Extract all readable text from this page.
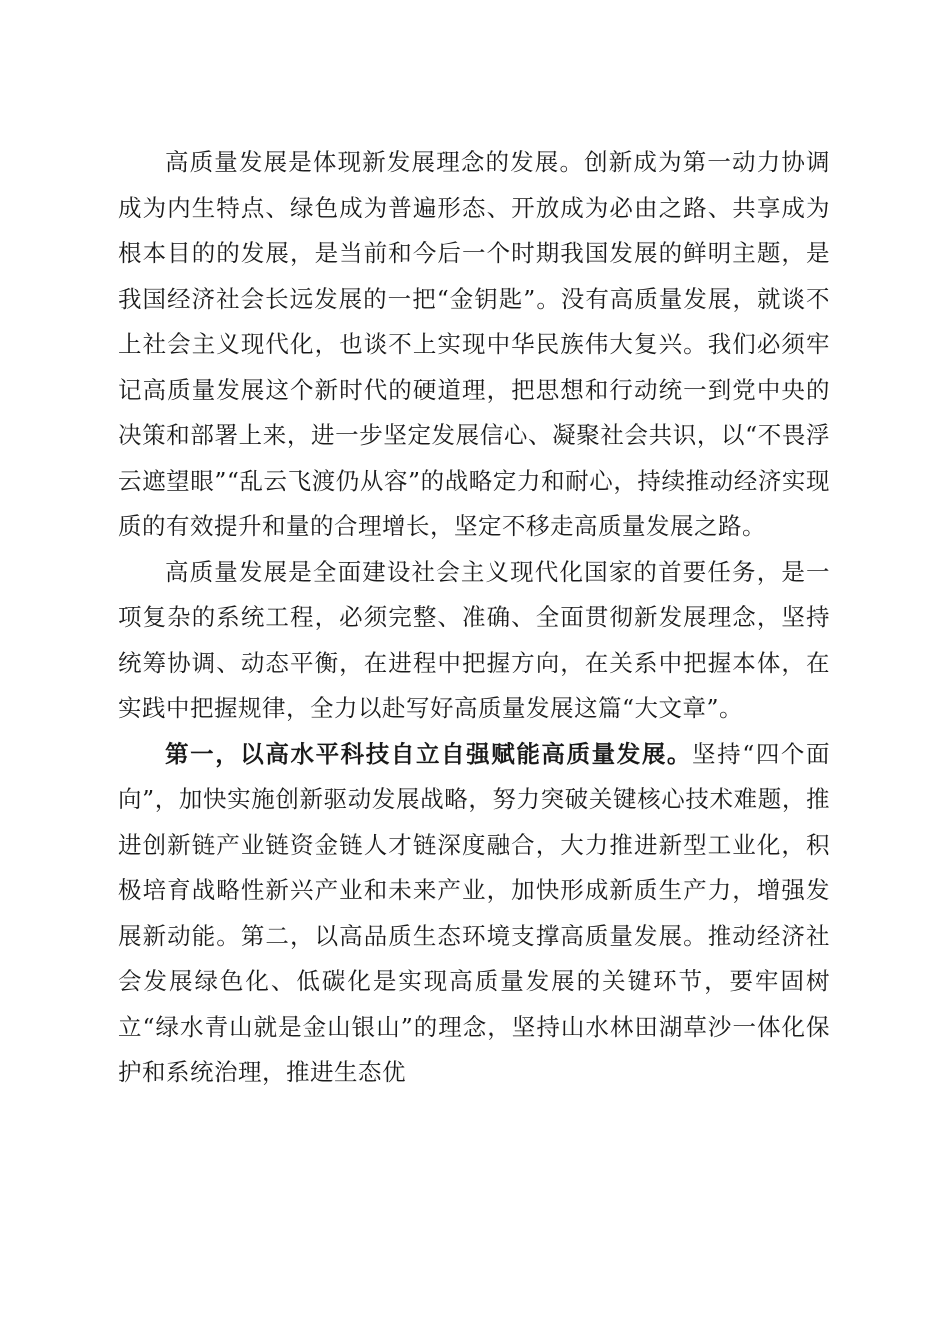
高质量发展是体现新发展理念的发展。创新成为第一动力协调成为内生特点、绿色成为普遍形态、开放成为必由之路、共享成为根本目的的发展，是当前和今后一个时期我国发展的鲜明主题，是我国经济社会长远发展的一把“金钥匙”。没有高质量发展，就谈不上社会主义现代化，也谈不上实现中华民族伟大复兴。我们必须牢记高质量发展这个新时代的硬道理，把思想和行动统一到党中央的决策和部署上来，进一步坚定发展信心、凝聚社会共识，以“不畏浮云遮望眼”“乱云飞渡仍从容”的战略定力和耐心，持续推动经济实现质的有效提升和量的合理增长，坚定不移走高质量发展之路。

高质量发展是全面建设社会主义现代化国家的首要任务，是一项复杂的系统工程，必须完整、准确、全面贯彻新发展理念，坚持统筹协调、动态平衡，在进程中把握方向，在关系中把握本体，在实践中把握规律，全力以赴写好高质量发展这篇“大文章”。

第一，以高水平科技自立自强赋能高质量发展。坚持“四个面向”，加快实施创新驱动发展战略，努力突破关键核心技术难题，推进创新链产业链资金链人才链深度融合，大力推进新型工业化，积极培育战略性新兴产业和未来产业，加快形成新质生产力，增强发展新动能。第二，以高品质生态环境支撑高质量发展。推动经济社会发展绿色化、低碳化是实现高质量发展的关键环节，要牢固树立“绿水青山就是金山银山”的理念，坚持山水林田湖草沙一体化保护和系统治理，推进生态优
